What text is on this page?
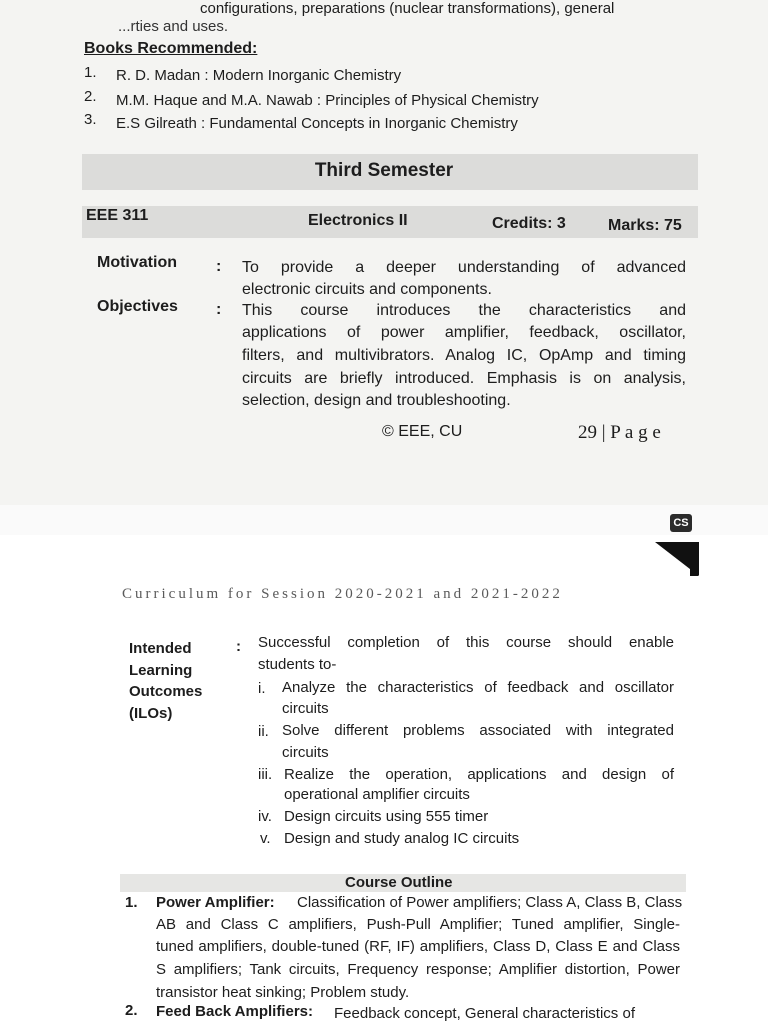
configurations, preparations (nuclear transformations), general
...rties and uses.
Books Recommended:
1. R. D. Madan : Modern Inorganic Chemistry
2. M.M. Haque and M.A. Nawab : Principles of Physical Chemistry
3. E.S Gilreath : Fundamental Concepts in Inorganic Chemistry
Third Semester
EEE 311	Electronics II	Credits: 3	Marks: 75
Motivation : To provide a deeper understanding of advanced
electronic circuits and components.
Objectives : This course introduces the characteristics and
applications of power amplifier, feedback, oscillator,
filters, and multivibrators. Analog IC, OpAmp and timing
circuits are briefly introduced. Emphasis is on analysis,
selection, design and troubleshooting.
© EEE, CU	29 | P a g e
CS
Curriculum for Session 2020-2021 and 2021-2022
Intended
Learning
Outcomes
(ILOs)
: Successful completion of this course should enable
students to-
i. Analyze the characteristics of feedback and oscillator
circuits
ii. Solve different problems associated with integrated
circuits
iii. Realize the operation, applications and design of
operational amplifier circuits
iv. Design circuits using 555 timer
v. Design and study analog IC circuits
Course Outline
1. Power Amplifier: Classification of Power amplifiers; Class A, Class B, Class
AB and Class C amplifiers, Push-Pull Amplifier; Tuned amplifier, Single-
tuned amplifiers, double-tuned (RF, IF) amplifiers, Class D, Class E and Class
S amplifiers; Tank circuits, Frequency response; Amplifier distortion, Power
transistor heat sinking; Problem study.
2. Feed Back Amplifiers: Feedback concept, General characteristics of
